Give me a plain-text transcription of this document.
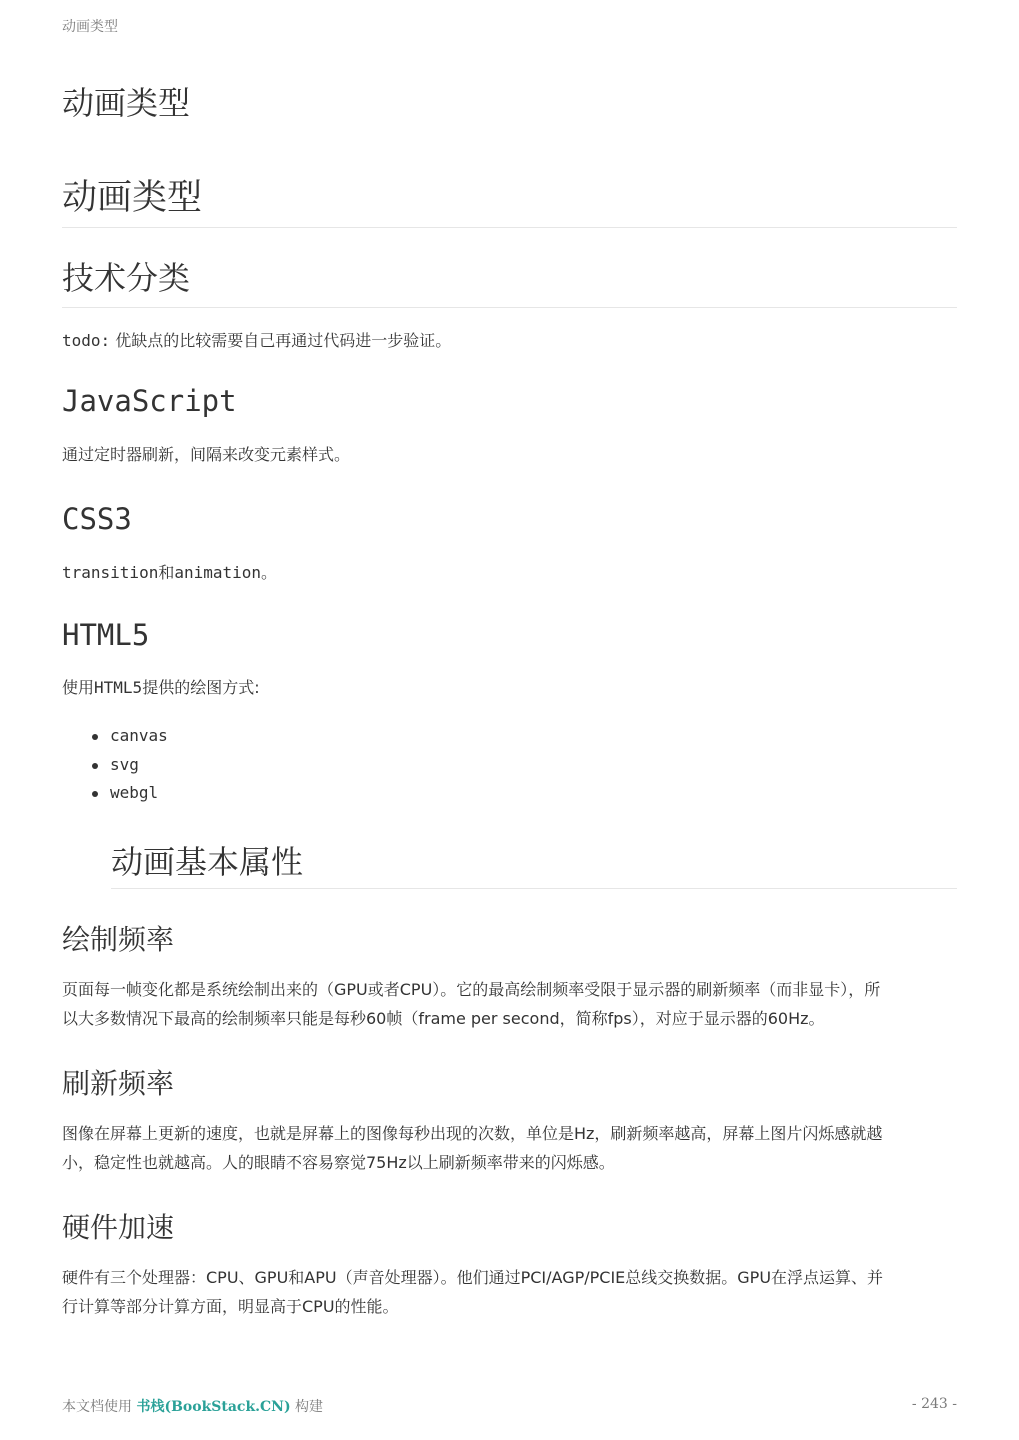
动画类型
动画类型
动画类型
技术分类

todo: 优缺点的比较需要自己再通过代码进一步验证。

JavaScript

通过定时器刷新，间隔来改变元素样式。

CSS3

transition和animation。

HTML5

使用HTML5提供的绘图方式:

canvas
svg
webgl
动画基本属性
绘制频率

页面每一帧变化都是系统绘制出来的（GPU或者CPU）。它的最高绘制频率受限于显示器的刷新频率（而非显卡），所
以大多数情况下最高的绘制频率只能是每秒60帧（frame per second，简称fps），对应于显示器的60Hz。

刷新频率

图像在屏幕上更新的速度，也就是屏幕上的图像每秒出现的次数，单位是Hz，刷新频率越高，屏幕上图片闪烁感就越
小，稳定性也就越高。人的眼睛不容易察觉75Hz以上刷新频率带来的闪烁感。

硬件加速

硬件有三个处理器：CPU、GPU和APU（声音处理器）。他们通过PCI/AGP/PCIE总线交换数据。GPU在浮点运算、并
行计算等部分计算方面，明显高于CPU的性能。

本文档使用 书栈(BookStack.CN) 构建	- 243 -
